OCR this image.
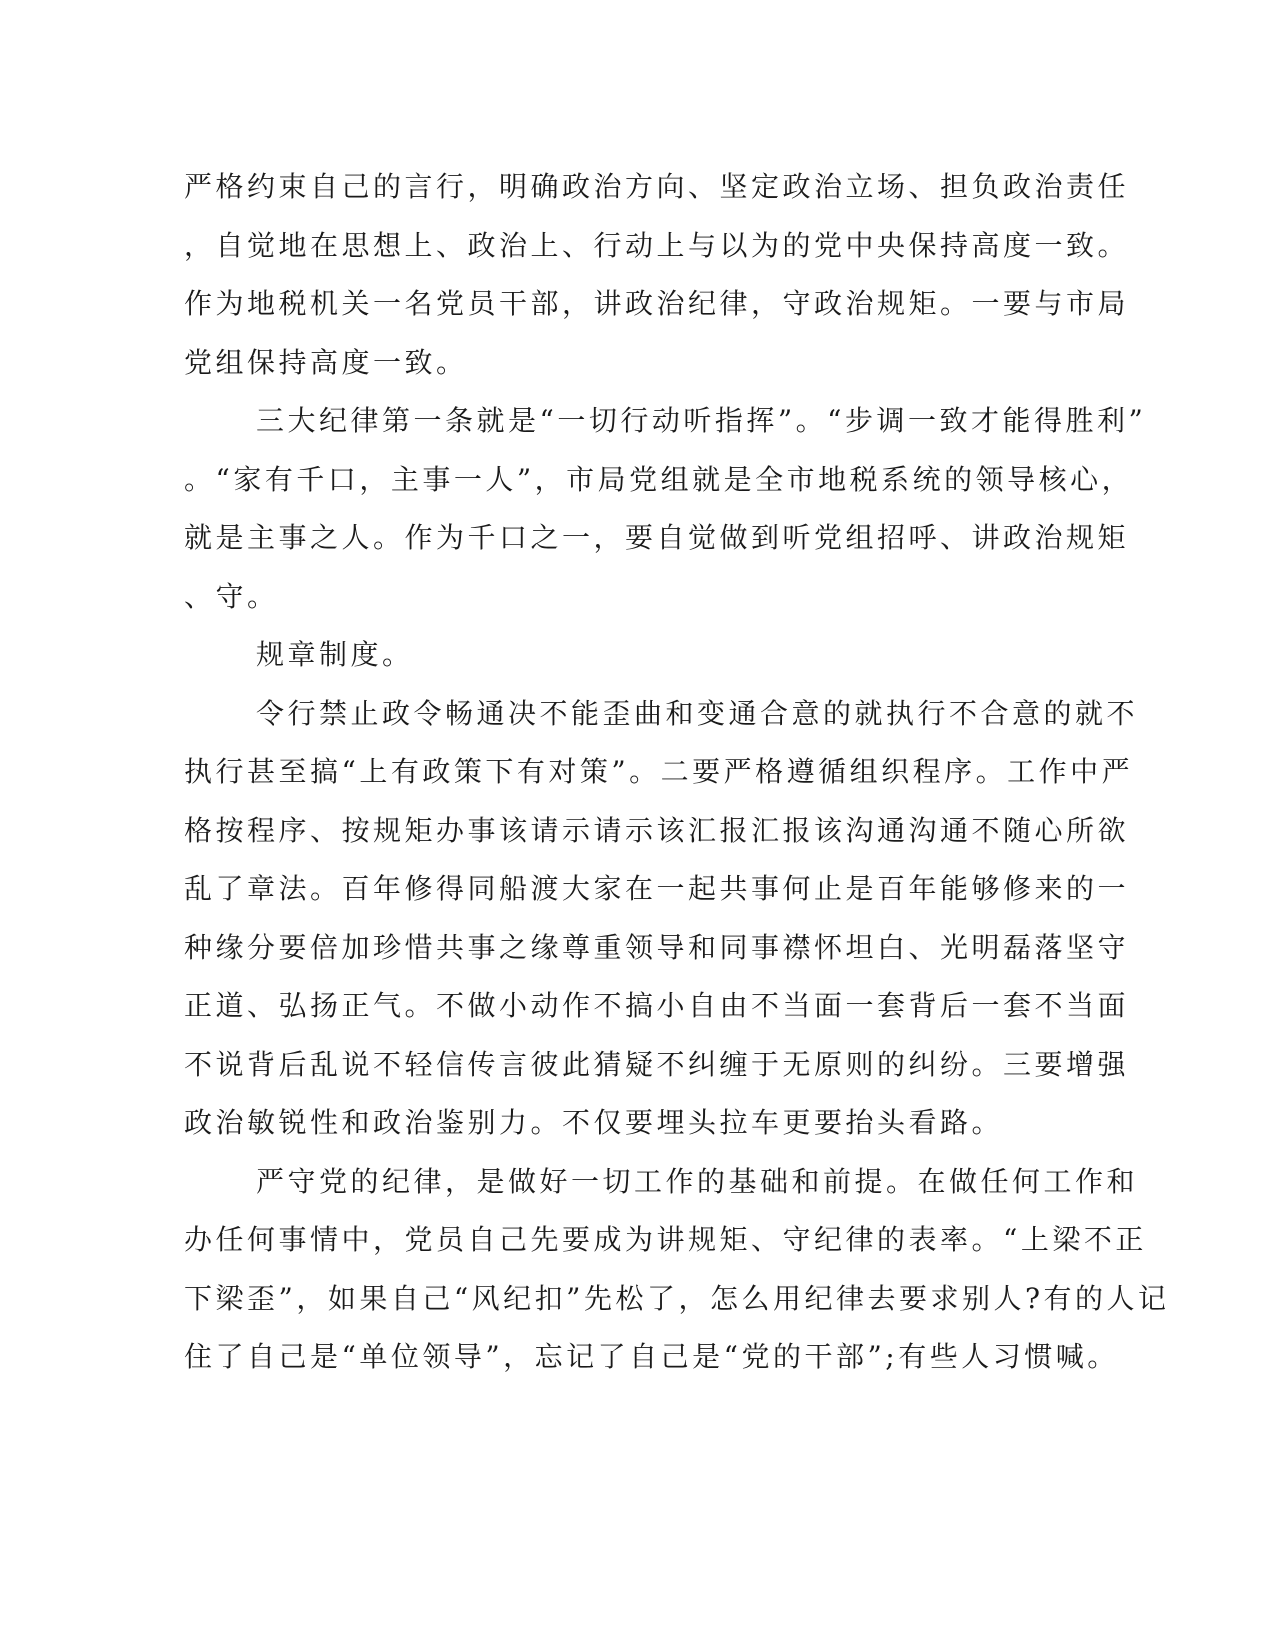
严格约束自己的言行，明确政治方向、坚定政治立场、担负政治责任

，自觉地在思想上、政治上、行动上与以为的党中央保持高度一致。

作为地税机关一名党员干部，讲政治纪律，守政治规矩。一要与市局

党组保持高度一致。

三大纪律第一条就是“一切行动听指挥”。“步调一致才能得胜利”

。“家有千口，主事一人”，市局党组就是全市地税系统的领导核心，

就是主事之人。作为千口之一，要自觉做到听党组招呼、讲政治规矩

、守。

规章制度。

令行禁止政令畅通决不能歪曲和变通合意的就执行不合意的就不

执行甚至搞“上有政策下有对策”。二要严格遵循组织程序。工作中严

格按程序、按规矩办事该请示请示该汇报汇报该沟通沟通不随心所欲

乱了章法。百年修得同船渡大家在一起共事何止是百年能够修来的一

种缘分要倍加珍惜共事之缘尊重领导和同事襟怀坦白、光明磊落坚守

正道、弘扬正气。不做小动作不搞小自由不当面一套背后一套不当面

不说背后乱说不轻信传言彼此猜疑不纠缠于无原则的纠纷。三要增强

政治敏锐性和政治鉴别力。不仅要埋头拉车更要抬头看路。

严守党的纪律，是做好一切工作的基础和前提。在做任何工作和

办任何事情中，党员自己先要成为讲规矩、守纪律的表率。“上梁不正

下梁歪”，如果自己“风纪扣”先松了，怎么用纪律去要求别人?有的人记

住了自己是“单位领导”，忘记了自己是“党的干部”;有些人习惯喊。
